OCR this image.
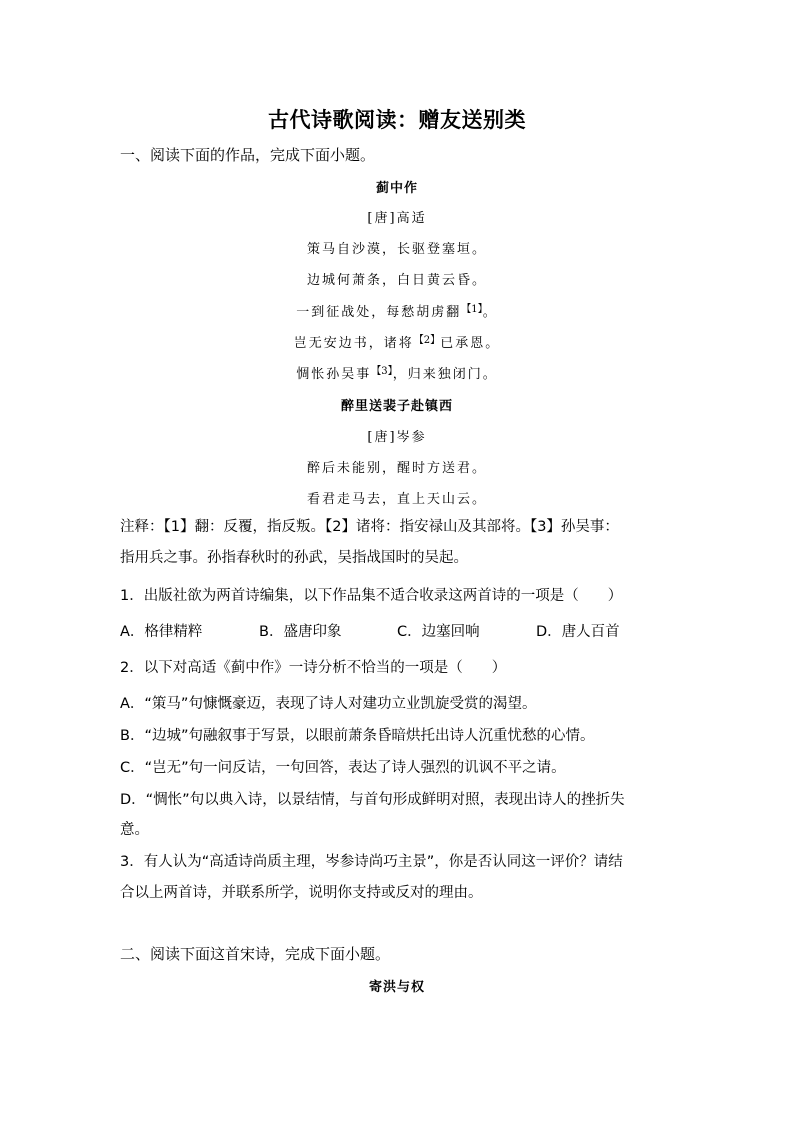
古代诗歌阅读：赠友送别类
一、阅读下面的作品，完成下面小题。
蓟中作
[唐]高适
策马自沙漠，长驱登塞垣。
边城何萧条，白日黄云昏。
一到征战处，每愁胡虏翻$^{【1】}$。
岂无安边书，诸将$^{【2】}$已承恩。
惆怅孙吴事$^{【3】}$，归来独闭门。
醉里送裴子赴镇西
[唐]岑参
醉后未能别，醒时方送君。
看君走马去，直上天山云。
注释：【1】翻：反覆，指反叛。【2】诸将：指安禄山及其部将。【3】孙吴事：
指用兵之事。孙指春秋时的孙武，吴指战国时的吴起。
1．出版社欲为两首诗编集，以下作品集不适合收录这两首诗的一项是（　　）
A．格律精粹	B．盛唐印象	C．边塞回响	D．唐人百首
2．以下对高适《蓟中作》一诗分析不恰当的一项是（　　）
A．“策马”句慷慨豪迈，表现了诗人对建功立业凯旋受赏的渴望。
B．“边城”句融叙事于写景，以眼前萧条昏暗烘托出诗人沉重忧愁的心情。
C．“岂无”句一问反诘，一句回答，表达了诗人强烈的讥讽不平之请。
D．“惆怅”句以典入诗，以景结情，与首句形成鲜明对照，表现出诗人的挫折失
意。
3．有人认为“高适诗尚质主理，岑参诗尚巧主景”，你是否认同这一评价？请结
合以上两首诗，并联系所学，说明你支持或反对的理由。
二、阅读下面这首宋诗，完成下面小题。
寄洪与权
